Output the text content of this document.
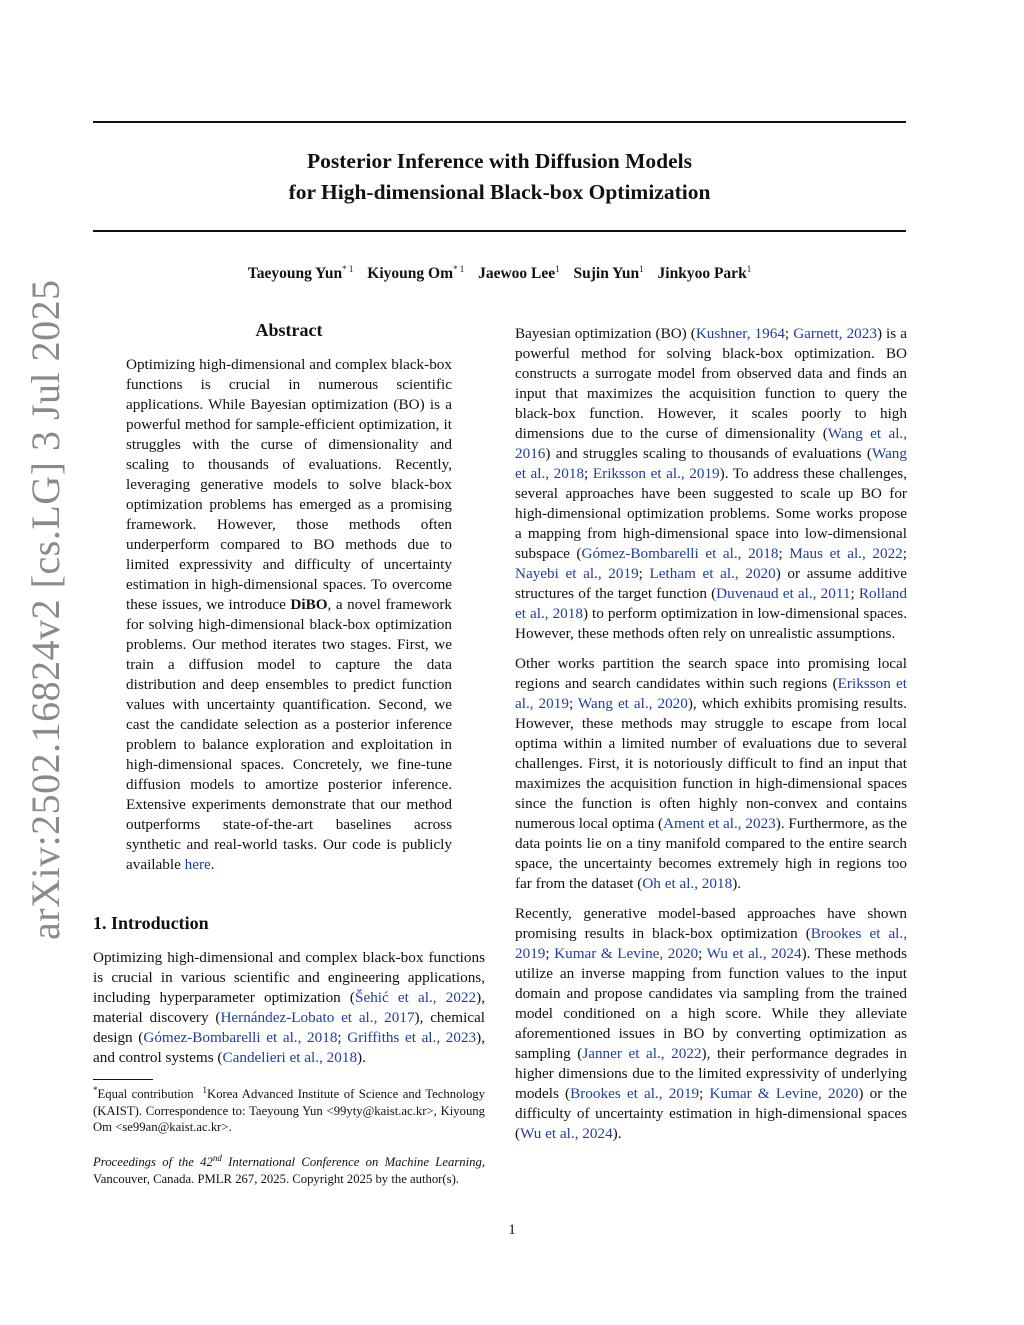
arXiv:2502.16824v2 [cs.LG] 3 Jul 2025
Posterior Inference with Diffusion Models
for High-dimensional Black-box Optimization
Taeyoung Yun$^{* 1}$ Kiyoung Om$^{* 1}$ Jaewoo Lee$^1$ Sujin Yun$^1$ Jinkyoo Park$^1$
Abstract
Optimizing high-dimensional and complex black-box functions is crucial in numerous scientific applications. While Bayesian optimization (BO) is a powerful method for sample-efficient optimization, it struggles with the curse of dimensionality and scaling to thousands of evaluations. Recently, leveraging generative models to solve black-box optimization problems has emerged as a promising framework. However, those methods often underperform compared to BO methods due to limited expressivity and difficulty of uncertainty estimation in high-dimensional spaces. To overcome these issues, we introduce DiBO, a novel framework for solving high-dimensional black-box optimization problems. Our method iterates two stages. First, we train a diffusion model to capture the data distribution and deep ensembles to predict function values with uncertainty quantification. Second, we cast the candidate selection as a posterior inference problem to balance exploration and exploitation in high-dimensional spaces. Concretely, we fine-tune diffusion models to amortize posterior inference. Extensive experiments demonstrate that our method outperforms state-of-the-art baselines across synthetic and real-world tasks. Our code is publicly available here.
1. Introduction
Optimizing high-dimensional and complex black-box functions is crucial in various scientific and engineering applications, including hyperparameter optimization (Šehić et al., 2022), material discovery (Hernández-Lobato et al., 2017), chemical design (Gómez-Bombarelli et al., 2018; Griffiths et al., 2023), and control systems (Candelieri et al., 2018).
*Equal contribution $^1$Korea Advanced Institute of Science and Technology (KAIST). Correspondence to: Taeyoung Yun <99yty@kaist.ac.kr>, Kiyoung Om <se99an@kaist.ac.kr>.
Proceedings of the 42nd International Conference on Machine Learning, Vancouver, Canada. PMLR 267, 2025. Copyright 2025 by the author(s).

Bayesian optimization (BO) (Kushner, 1964; Garnett, 2023) is a powerful method for solving black-box optimization. BO constructs a surrogate model from observed data and finds an input that maximizes the acquisition function to query the black-box function. However, it scales poorly to high dimensions due to the curse of dimensionality (Wang et al., 2016) and struggles scaling to thousands of evaluations (Wang et al., 2018; Eriksson et al., 2019). To address these challenges, several approaches have been suggested to scale up BO for high-dimensional optimization problems. Some works propose a mapping from high-dimensional space into low-dimensional subspace (Gómez-Bombarelli et al., 2018; Maus et al., 2022; Nayebi et al., 2019; Letham et al., 2020) or assume additive structures of the target function (Duvenaud et al., 2011; Rolland et al., 2018) to perform optimization in low-dimensional spaces. However, these methods often rely on unrealistic assumptions.

Other works partition the search space into promising local regions and search candidates within such regions (Eriksson et al., 2019; Wang et al., 2020), which exhibits promising results. However, these methods may struggle to escape from local optima within a limited number of evaluations due to several challenges. First, it is notoriously difficult to find an input that maximizes the acquisition function in high-dimensional spaces since the function is often highly non-convex and contains numerous local optima (Ament et al., 2023). Furthermore, as the data points lie on a tiny manifold compared to the entire search space, the uncertainty becomes extremely high in regions too far from the dataset (Oh et al., 2018).

Recently, generative model-based approaches have shown promising results in black-box optimization (Brookes et al., 2019; Kumar & Levine, 2020; Wu et al., 2024). These methods utilize an inverse mapping from function values to the input domain and propose candidates via sampling from the trained model conditioned on a high score. While they alleviate aforementioned issues in BO by converting optimization as sampling (Janner et al., 2022), their performance degrades in higher dimensions due to the limited expressivity of underlying models (Brookes et al., 2019; Kumar & Levine, 2020) or the difficulty of uncertainty estimation in high-dimensional spaces (Wu et al., 2024).

1
